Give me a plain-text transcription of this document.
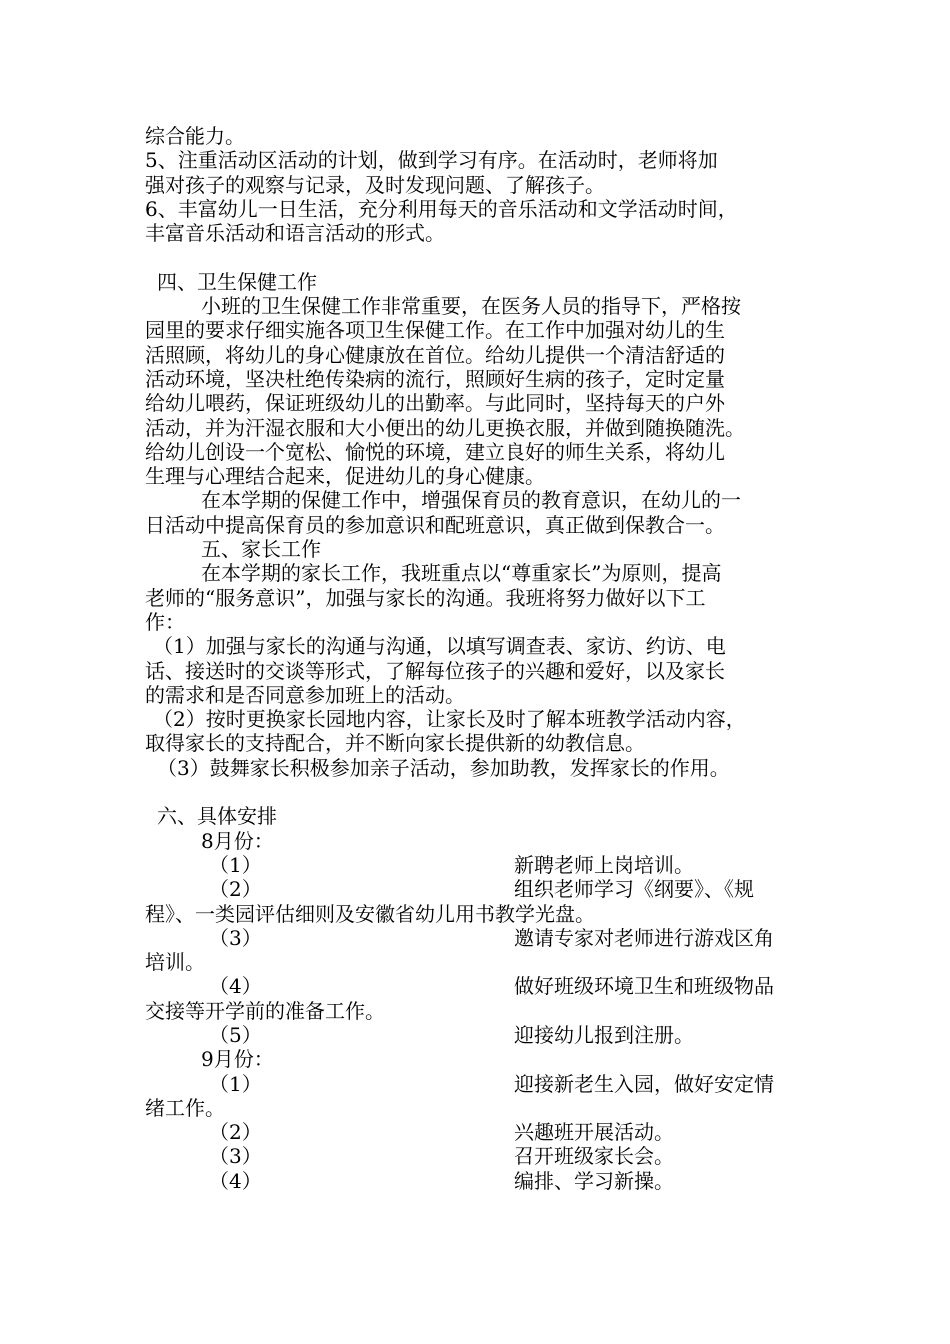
综合能力。
5、注重活动区活动的计划，做到学习有序。在活动时，老师将加
强对孩子的观察与记录，及时发现问题、了解孩子。
6、丰富幼儿一日生活，充分利用每天的音乐活动和文学活动时间，
丰富音乐活动和语言活动的形式。
四、卫生保健工作
小班的卫生保健工作非常重要，在医务人员的指导下，严格按
园里的要求仔细实施各项卫生保健工作。在工作中加强对幼儿的生
活照顾，将幼儿的身心健康放在首位。给幼儿提供一个清洁舒适的
活动环境，坚决杜绝传染病的流行，照顾好生病的孩子，定时定量
给幼儿喂药，保证班级幼儿的出勤率。与此同时，坚持每天的户外
活动，并为汗湿衣服和大小便出的幼儿更换衣服，并做到随换随洗。
给幼儿创设一个宽松、愉悦的环境，建立良好的师生关系，将幼儿
生理与心理结合起来，促进幼儿的身心健康。
在本学期的保健工作中，增强保育员的教育意识，在幼儿的一
日活动中提高保育员的参加意识和配班意识，真正做到保教合一。
五、家长工作
在本学期的家长工作，我班重点以“尊重家长”为原则，提高
老师的“服务意识”，加强与家长的沟通。我班将努力做好以下工
作：
（1）加强与家长的沟通与沟通，以填写调查表、家访、约访、电
话、接送时的交谈等形式，了解每位孩子的兴趣和爱好，以及家长
的需求和是否同意参加班上的活动。
（2）按时更换家长园地内容，让家长及时了解本班教学活动内容，
取得家长的支持配合，并不断向家长提供新的幼教信息。
（3）鼓舞家长积极参加亲子活动，参加助教，发挥家长的作用。
六、具体安排
8月份：
（1）	新聘老师上岗培训。
（2）	组织老师学习《纲要》、《规
程》、一类园评估细则及安徽省幼儿用书教学光盘。
（3）	邀请专家对老师进行游戏区角
培训。
（4）	做好班级环境卫生和班级物品
交接等开学前的准备工作。
（5）	迎接幼儿报到注册。
9月份：
（1）	迎接新老生入园，做好安定情
绪工作。
（2）	兴趣班开展活动。
（3）	召开班级家长会。
（4）	编排、学习新操。
